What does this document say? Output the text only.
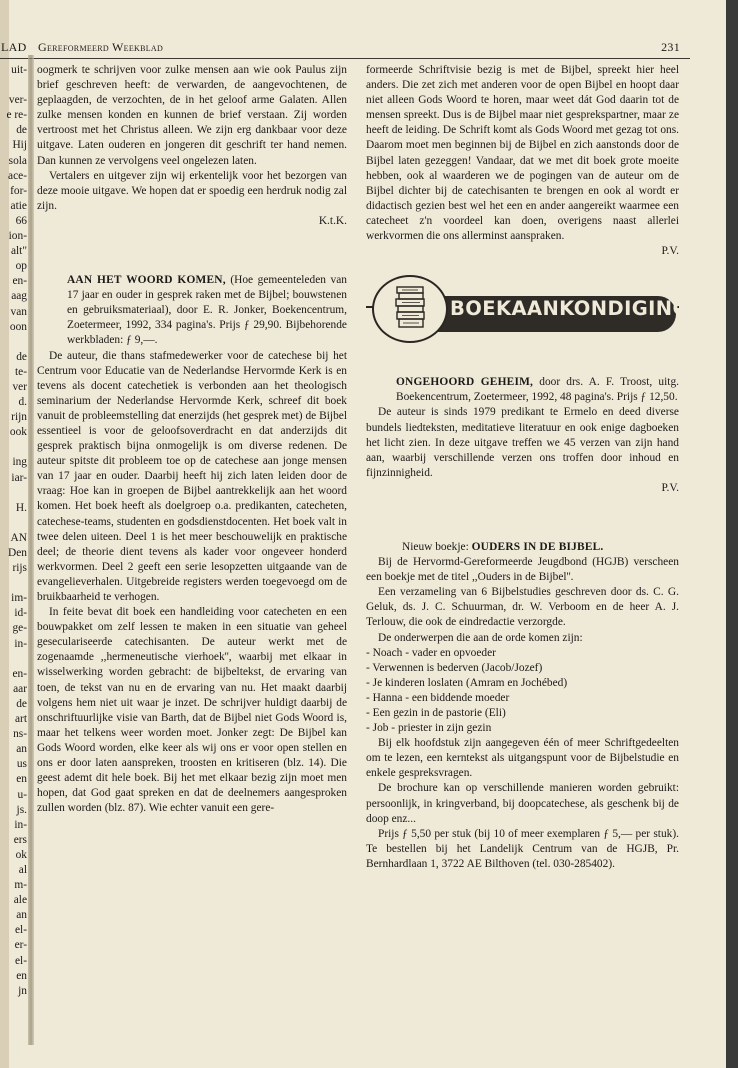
LAD Gereformeerd Weekblad	231
uit-
ver-
e re-
de
Hij
sola
ace-
for-
atie
66
ion-
alt"
op
en-
aag
van
oon
de
te-
ver
d.
rijn
ook
ing
iar-
H.
AN
Den
rijs
im-
id-
ge-
in-
en-
aar
de
art
ns-
an
us
en
u-
js.
in-
ers
ok
al
m-
ale
an
el-
er-
el-
en
jn

oogmerk te schrijven voor zulke mensen aan wie ook Paulus zijn brief geschreven heeft: de verwarden, de aangevochtenen, de geplaagden, de verzochten, de in het geloof arme Galaten. Allen zulke mensen konden en kunnen de brief verstaan. Zij worden vertroost met het Christus alleen. We zijn erg dankbaar voor deze uitgave. Laten ouderen en jongeren dit geschrift ter hand nemen. Dan kunnen ze vervolgens veel ongelezen laten.

Vertalers en uitgever zijn wij erkentelijk voor het bezorgen van deze mooie uitgave. We hopen dat er spoedig een herdruk nodig zal zijn.

K.t.K.

AAN HET WOORD KOMEN, (Hoe gemeenteleden van 17 jaar en ouder in gesprek raken met de Bijbel; bouwstenen en gebruiksmateriaal), door E. R. Jonker, Boekencentrum, Zoetermeer, 1992, 334 pagina's. Prijs ƒ 29,90. Bijbehorende werkbladen: ƒ 9,—.

De auteur, die thans stafmedewerker voor de catechese bij het Centrum voor Educatie van de Nederlandse Hervormde Kerk is en tevens als docent catechetiek is verbonden aan het theologisch seminarium der Nederlandse Hervormde Kerk, schreef dit boek vanuit de probleemstelling dat enerzijds (het gesprek met) de Bijbel essentieel is voor de geloofsoverdracht en dat anderzijds dit gesprek praktisch bijna onmogelijk is om diverse redenen. De auteur spitste dit probleem toe op de catechese aan jonge mensen van 17 jaar en ouder. Daarbij heeft hij zich laten leiden door de vraag: Hoe kan in groepen de Bijbel aantrekkelijk aan het woord komen. Het boek heeft als doelgroep o.a. predikanten, catecheten, catechese-teams, studenten en godsdienstdocenten. Het boek valt in twee delen uiteen. Deel 1 is het meer beschouwelijk en praktische deel; de theorie dient tevens als kader voor ongeveer honderd werkvormen. Deel 2 geeft een serie lesopzetten uitgaande van de evangelieverhalen. Uitgebreide registers werden toegevoegd om de bruikbaarheid te verhogen.

In feite bevat dit boek een handleiding voor catecheten en een bouwpakket om zelf lessen te maken in een situatie van geheel geseculariseerde catechisanten. De auteur werkt met de zogenaamde ,,hermeneutische vierhoek'', waarbij met elkaar in wisselwerking worden gebracht: de bijbeltekst, de ervaring van toen, de tekst van nu en de ervaring van nu. Het maakt daarbij volgens hem niet uit waar je inzet. De schrijver huldigt daarbij de onschriftuurlijke visie van Barth, dat de Bijbel niet Gods Woord is, maar het telkens weer worden moet. Jonker zegt: De Bijbel kan Gods Woord worden, elke keer als wij ons er voor open stellen en ons er door laten aanspreken, troosten en kritiseren (blz. 14). Die geest ademt dit hele boek. Bij het met elkaar bezig zijn moet men hopen, dat God gaat spreken en dat de deelnemers aangesproken zullen worden (blz. 87). Wie echter vanuit een gere-

formeerde Schriftvisie bezig is met de Bijbel, spreekt hier heel anders. Die zet zich met anderen voor de open Bijbel en hoopt daar niet alleen Gods Woord te horen, maar weet dát God daarin tot de mensen spreekt. Dus is de Bijbel maar niet gesprekspartner, maar ze heeft de leiding. De Schrift komt als Gods Woord met gezag tot ons. Daarom moet men beginnen bij de Bijbel en zich aanstonds door de Bijbel laten gezeggen! Vandaar, dat we met dit boek grote moeite hebben, ook al waarderen we de pogingen van de auteur om de Bijbel dichter bij de catechisanten te brengen en ook al wordt er didactisch gezien best wel het een en ander aangereikt waarmee een catecheet z'n voordeel kan doen, overigens naast allerlei werkvormen die ons allerminst aanspraken.

P.V.

BOEKAANKONDIGING

ONGEHOORD GEHEIM, door drs. A. F. Troost, uitg. Boekencentrum, Zoetermeer, 1992, 48 pagina's. Prijs ƒ 12,50.

De auteur is sinds 1979 predikant te Ermelo en deed diverse bundels liedteksten, meditatieve literatuur en ook enige dagboeken het licht zien. In deze uitgave treffen we 45 verzen van zijn hand aan, waarbij verschillende verzen ons troffen door inhoud en fijnzinnigheid.

P.V.

Nieuw boekje: OUDERS IN DE BIJBEL.

Bij de Hervormd-Gereformeerde Jeugdbond (HGJB) verscheen een boekje met de titel ,,Ouders in de Bijbel''.

Een verzameling van 6 Bijbelstudies geschreven door ds. C. G. Geluk, ds. J. C. Schuurman, dr. W. Verboom en de heer A. J. Terlouw, die ook de eindredactie verzorgde.

De onderwerpen die aan de orde komen zijn:

- Noach - vader en opvoeder
- Verwennen is bederven (Jacob/Jozef)
- Je kinderen loslaten (Amram en Jochébed)
- Hanna - een biddende moeder
- Een gezin in de pastorie (Eli)
- Job - priester in zijn gezin

Bij elk hoofdstuk zijn aangegeven één of meer Schriftgedeelten om te lezen, een kerntekst als uitgangspunt voor de Bijbelstudie en enkele gespreksvragen.

De brochure kan op verschillende manieren worden gebruikt: persoonlijk, in kringverband, bij doopcatechese, als geschenk bij de doop enz...

Prijs ƒ 5,50 per stuk (bij 10 of meer exemplaren ƒ 5,— per stuk). Te bestellen bij het Landelijk Centrum van de HGJB, Pr. Bernhardlaan 1, 3722 AE Bilthoven (tel. 030-285402).
